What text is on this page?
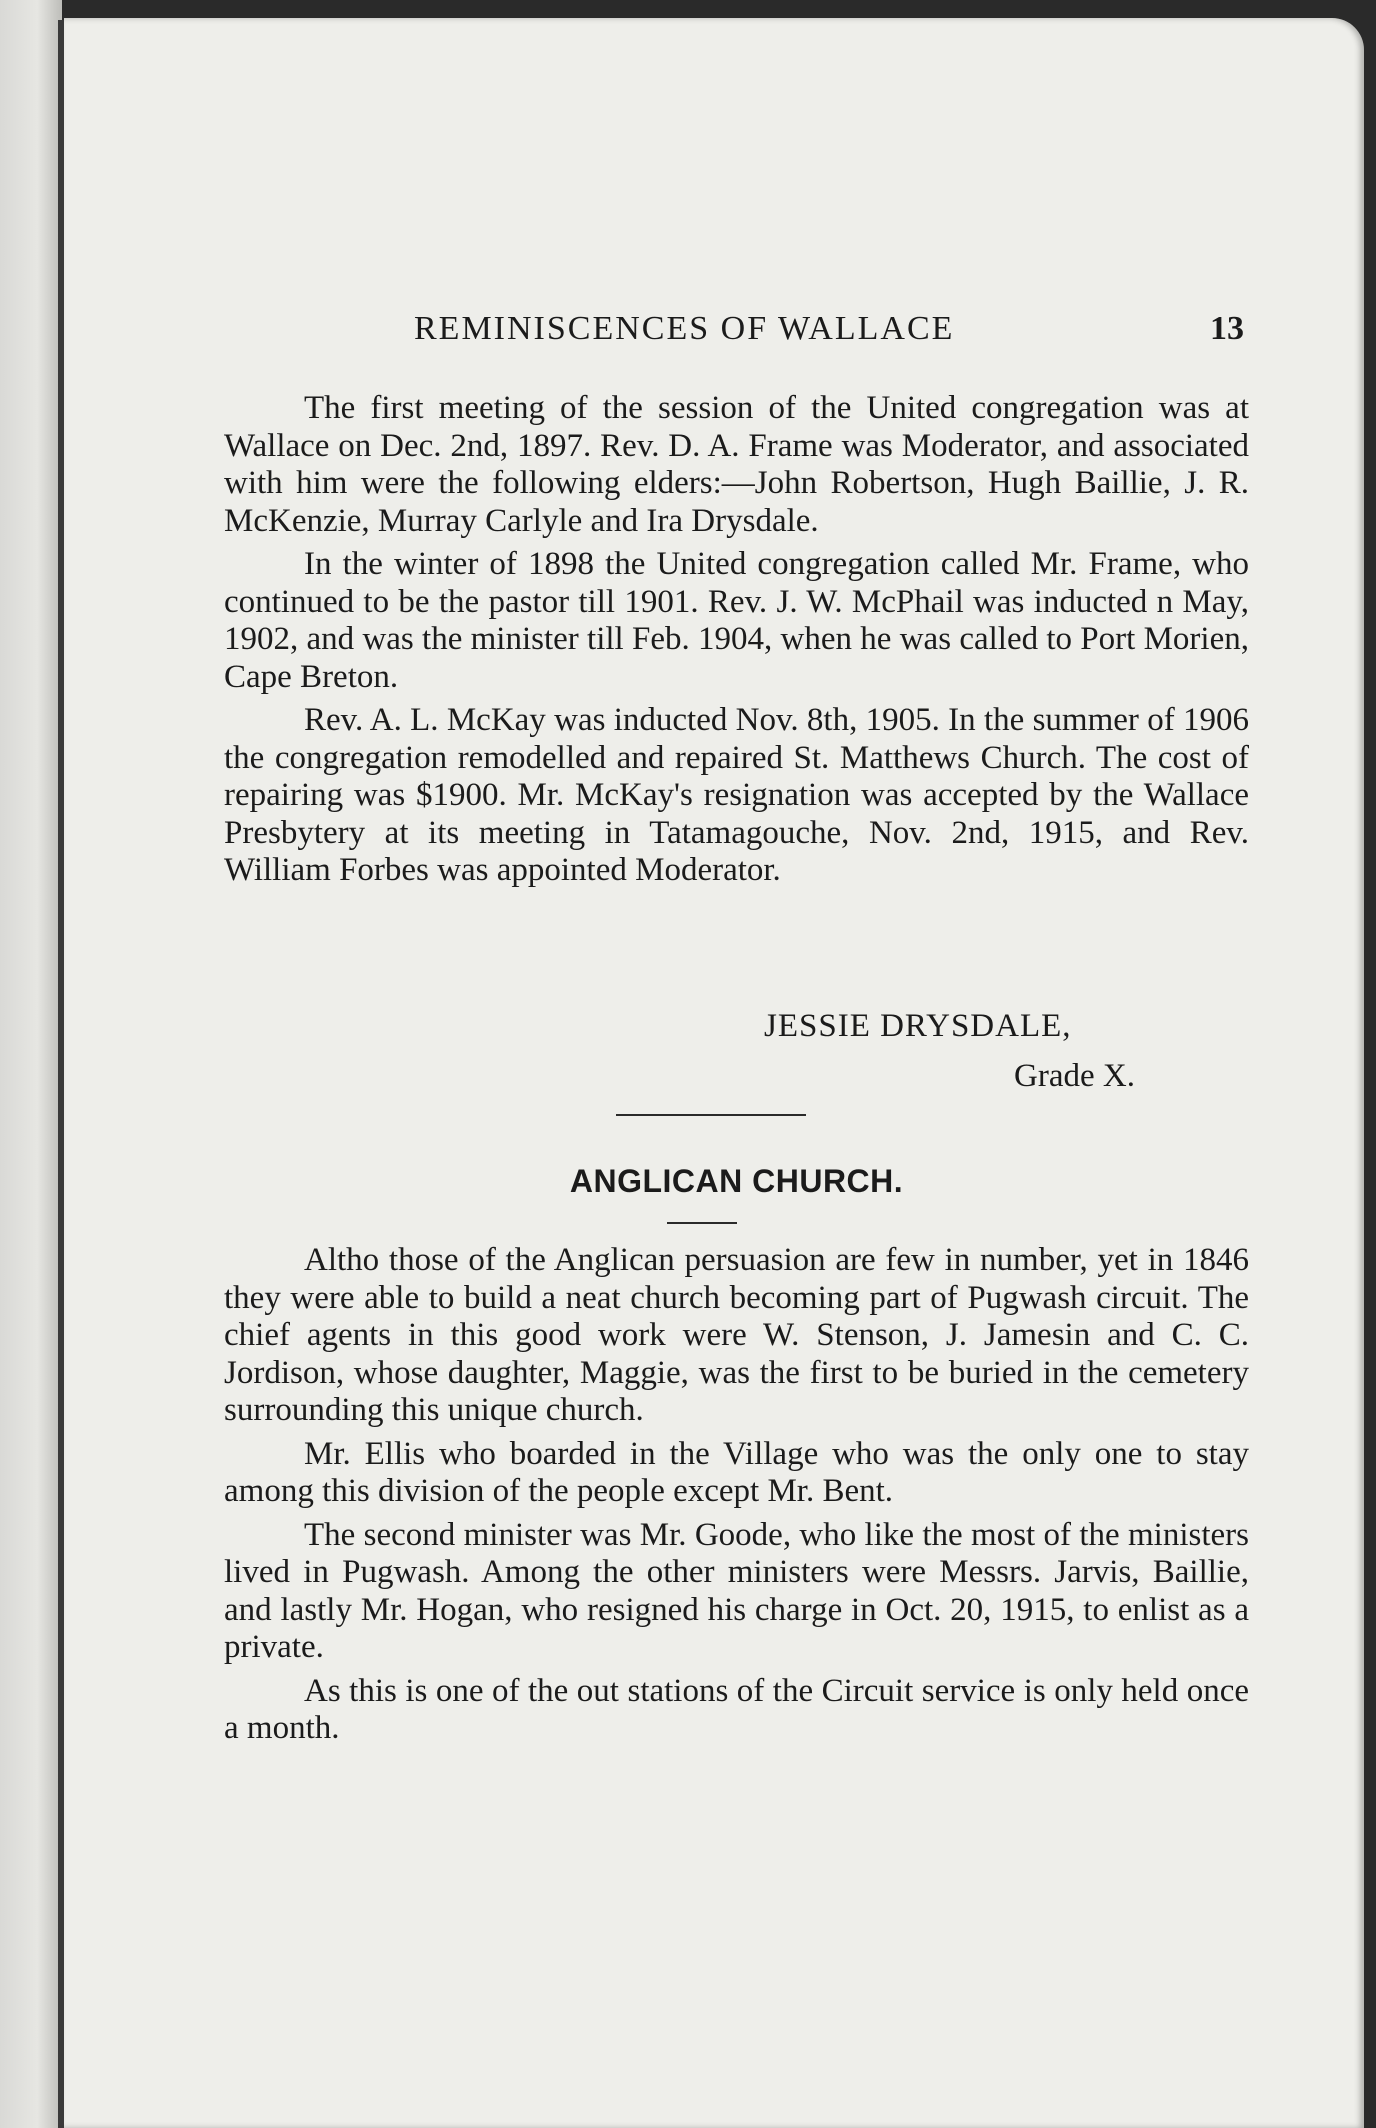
REMINISCENCES OF WALLACE	13

The first meeting of the session of the United congregation was at Wallace on Dec. 2nd, 1897. Rev. D. A. Frame was Moderator, and associated with him were the following elders:—John Robertson, Hugh Baillie, J. R. McKenzie, Murray Carlyle and Ira Drysdale.

In the winter of 1898 the United congregation called Mr. Frame, who continued to be the pastor till 1901. Rev. J. W. McPhail was inducted n May, 1902, and was the minister till Feb. 1904, when he was called to Port Morien, Cape Breton.

Rev. A. L. McKay was inducted Nov. 8th, 1905. In the summer of 1906 the congregation remodelled and repaired St. Matthews Church. The cost of repairing was $1900. Mr. McKay's resignation was accepted by the Wallace Presbytery at its meeting in Tatamagouche, Nov. 2nd, 1915, and Rev. William Forbes was appointed Moderator.

JESSIE DRYSDALE,
Grade X.
ANGLICAN CHURCH.

Altho those of the Anglican persuasion are few in number, yet in 1846 they were able to build a neat church becoming part of Pugwash circuit. The chief agents in this good work were W. Stenson, J. Jamesin and C. C. Jordison, whose daughter, Maggie, was the first to be buried in the cemetery surrounding this unique church.

Mr. Ellis who boarded in the Village who was the only one to stay among this division of the people except Mr. Bent.

The second minister was Mr. Goode, who like the most of the ministers lived in Pugwash. Among the other ministers were Messrs. Jarvis, Baillie, and lastly Mr. Hogan, who resigned his charge in Oct. 20, 1915, to enlist as a private.

As this is one of the out stations of the Circuit service is only held once a month.
